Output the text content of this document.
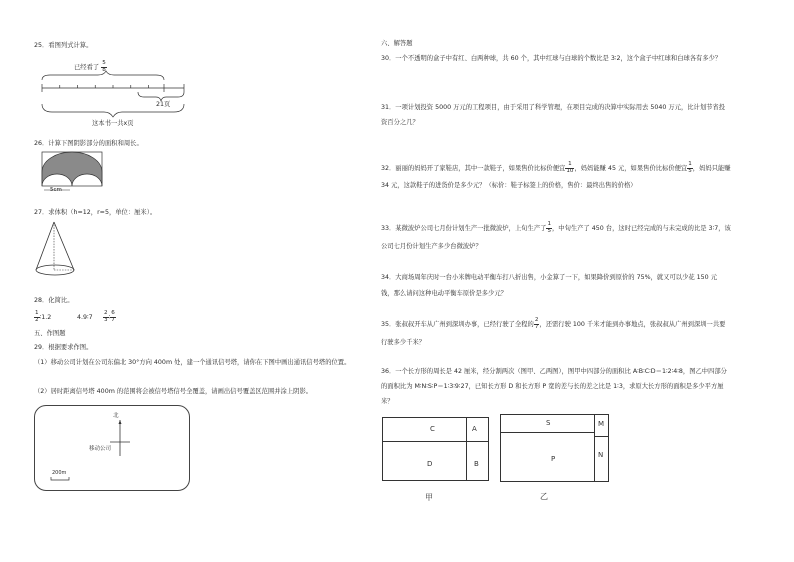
25．看图列式计算。
已经看了 $\frac{5}{8}$
21页
这本书一共x页
26．计算下图阴影部分的面积和周长。
5cm
27．求体积（h=12，r=5，单位：厘米）。
28．化简比。
$\frac{1}{2}$ ∶1.2	4.9∶7 $\frac{2}{3}$ ∶ $\frac{6}{7}$
五、作图题
29．根据要求作图。
（1）移动公司计划在公司东偏北 30°方向 400m 处，建一个通讯信号塔，请你在下图中画出通讯信号塔的位置。
（2）居时距离信号塔 400m 的范围将会被信号塔信号全覆盖，请画出信号覆盖区范围并涂上阴影。
北
移动公司
200m
六、解答题
30．一个不透明的盒子中有红、白两种球，共 60 个，其中红球与白球的个数比是 3∶2，这个盒子中红球和白球各有多少？
31．一项计划投资 5000 万元的工程项目，由于采用了科学管理，在项目完成的决算中实际用去 5040 万元，比计划节省投资百分之几？
32．丽丽的妈妈开了家鞋店，其中一款鞋子，如果售价比标价便宜 $\frac{1}{10}$ ，妈妈能赚 45 元，如果售价比标价便宜 $\frac{1}{5}$ ，妈妈只能赚 34 元，这款鞋子的进货价是多少元？（标价：鞋子标签上的价格，售价：最终出售的价格）
33．某微波炉公司七月份计划生产一批微波炉，上旬生产了 $\frac{1}{5}$ ，中旬生产了 450 台，这时已经完成的与未完成的比是 3∶7，该公司七月份计划生产多少台微波炉？
34．大商场周年庆时一台小米牌电动平衡车打八折出售，小金算了一下，如果降价到原价的 75%，就又可以少花 150 元钱，那么请问这种电动平衡车原价是多少元？
35．张叔叔开车从广州到深圳办事，已经行驶了全程的 $\frac{2}{7}$ ，还需行驶 100 千米才能到办事地点，张叔叔从广州到深圳一共要行驶多少千米？
36．一个长方形的周长是 42 厘米，经分割两次（图甲、乙两图），图甲中四部分的面积比 A∶B∶C∶D＝1∶2∶4∶8，图乙中四部分的面积比为 M∶N∶S∶P＝1∶3∶9∶27，已知长方形 D 和长方形 P 宽的差与长的差之比是 1∶3，求原大长方形的面积是多少平方厘米？
C	A
D	B
甲
S	M
P	N
乙
